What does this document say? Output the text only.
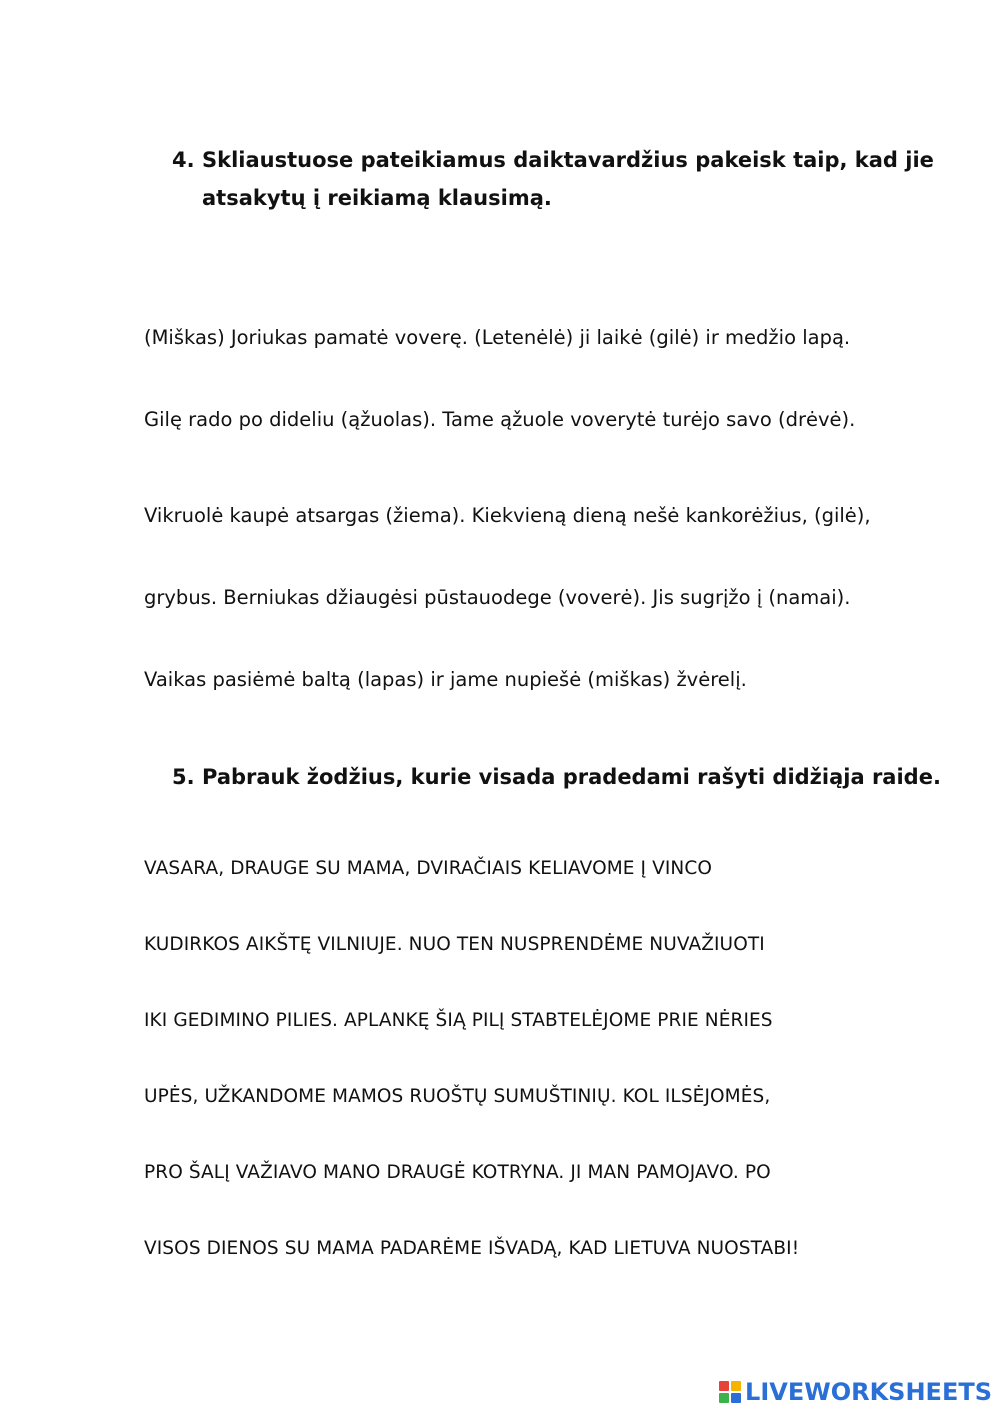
4. Skliaustuose pateikiamus daiktavardžius pakeisk taip, kad jie
atsakytų į reikiamą klausimą.
(Miškas) Joriukas pamatė voverę. (Letenėlė) ji laikė (gilė) ir medžio lapą.
Gilę rado po dideliu (ąžuolas). Tame ąžuole voverytė turėjo savo (drėvė).
Vikruolė kaupė atsargas (žiema). Kiekvieną dieną nešė kankorėžius, (gilė),
grybus. Berniukas džiaugėsi pūstauodege (voverė). Jis sugrįžo į (namai).
Vaikas pasiėmė baltą (lapas) ir jame nupiešė (miškas) žvėrelį.
5. Pabrauk žodžius, kurie visada pradedami rašyti didžiąja raide.
VASARA, DRAUGE SU MAMA, DVIRAČIAIS KELIAVOME Į VINCO
KUDIRKOS AIKŠTĘ VILNIUJE. NUO TEN NUSPRENDĖME NUVAŽIUOTI
IKI GEDIMINO PILIES. APLANKĘ ŠIĄ PILĮ STABTELĖJOME PRIE NĖRIES
UPĖS, UŽKANDOME MAMOS RUOŠTŲ SUMUŠTINIŲ. KOL ILSĖJOMĖS,
PRO ŠALĮ VAŽIAVO MANO DRAUGĖ KOTRYNA. JI MAN PAMOJAVO. PO
VISOS DIENOS SU MAMA PADARĖME IŠVADĄ, KAD LIETUVA NUOSTABI!
LIVEWORKSHEETS
